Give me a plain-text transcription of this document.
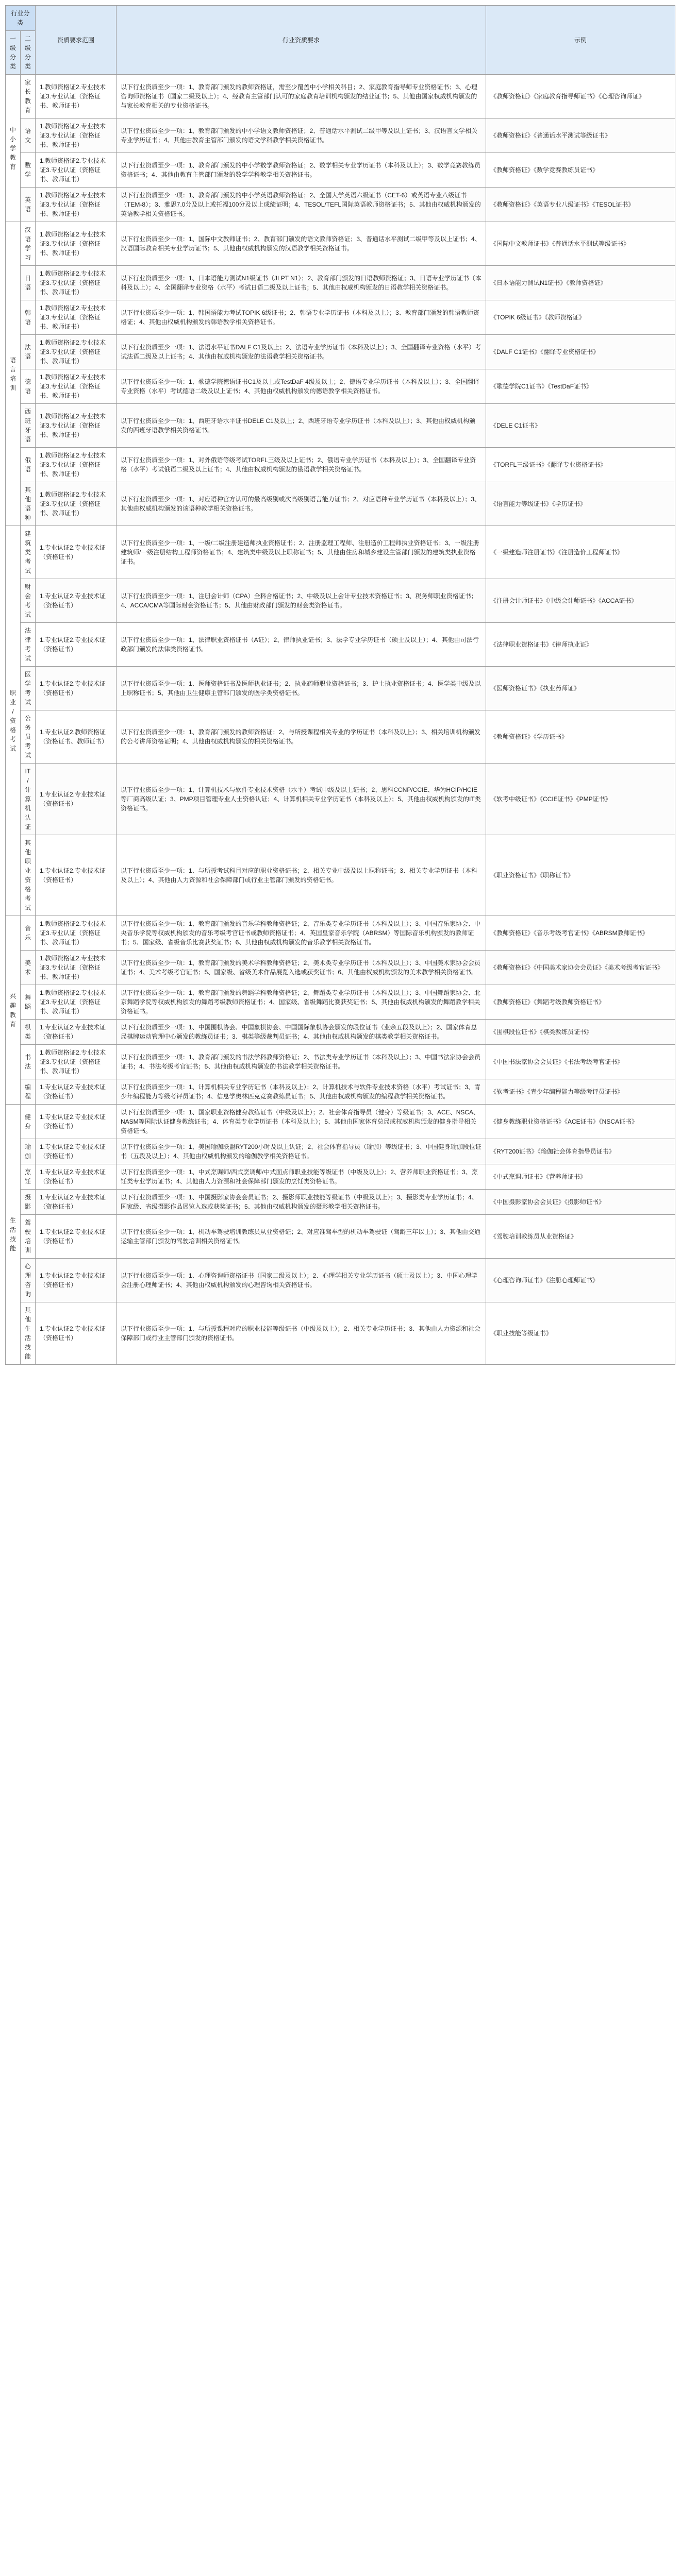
行业分类		资质要求范围	行业资质要求	示例
一级分类	二级分类			
中小学教育	家长教育	1.教师资格证2.专业技术证3.专业认证（资格证书、教师证书）	以下行业资质至少一项：1、教育部门颁发的教师资格证，需至少覆盖中小学相关科目；2、家庭教育指导师专业资格证书；3、心理咨询师资格证书（国家二级及以上）；4、经教育主管部门认可的家庭教育培训机构颁发的结业证书；5、其他由国家权威机构颁发的与家长教育相关的专业资格证书。	《教师资格证》《家庭教育指导师证书》《心理咨询师证》
	语文	1.教师资格证2.专业技术证3.专业认证（资格证书、教师证书）	以下行业资质至少一项：1、教育部门颁发的中小学语文教师资格证；2、普通话水平测试二级甲等及以上证书；3、汉语言文学相关专业学历证书；4、其他由教育主管部门颁发的语文学科教学相关资格证书。	《教师资格证》《普通话水平测试等级证书》
	数学	1.教师资格证2.专业技术证3.专业认证（资格证书、教师证书）	以下行业资质至少一项：1、教育部门颁发的中小学数学教师资格证；2、数学相关专业学历证书（本科及以上）；3、数学竞赛教练员资格证书；4、其他由教育主管部门颁发的数学学科教学相关资格证书。	《教师资格证》《数学竞赛教练员证书》
	英语	1.教师资格证2.专业技术证3.专业认证（资格证书、教师证书）	以下行业资质至少一项：1、教育部门颁发的中小学英语教师资格证；2、全国大学英语六级证书（CET-6）或英语专业八级证书（TEM-8）；3、雅思7.0分及以上或托福100分及以上成绩证明；4、TESOL/TEFL国际英语教师资格证书；5、其他由权威机构颁发的英语教学相关资格证书。	《教师资格证》《英语专业八级证书》《TESOL证书》
语言培训	汉语学习	1.教师资格证2.专业技术证3.专业认证（资格证书、教师证书）	以下行业资质至少一项：1、国际中文教师证书；2、教育部门颁发的语文教师资格证；3、普通话水平测试二级甲等及以上证书；4、汉语国际教育相关专业学历证书；5、其他由权威机构颁发的汉语教学相关资格证书。	《国际中文教师证书》《普通话水平测试等级证书》
	日语	1.教师资格证2.专业技术证3.专业认证（资格证书、教师证书）	以下行业资质至少一项：1、日本语能力测试N1级证书（JLPT N1）；2、教育部门颁发的日语教师资格证；3、日语专业学历证书（本科及以上）；4、全国翻译专业资格（水平）考试日语二级及以上证书；5、其他由权威机构颁发的日语教学相关资格证书。	《日本语能力测试N1证书》《教师资格证》
	韩语	1.教师资格证2.专业技术证3.专业认证（资格证书、教师证书）	以下行业资质至少一项：1、韩国语能力考试TOPIK 6级证书；2、韩语专业学历证书（本科及以上）；3、教育部门颁发的韩语教师资格证；4、其他由权威机构颁发的韩语教学相关资格证书。	《TOPIK 6级证书》《教师资格证》
	法语	1.教师资格证2.专业技术证3.专业认证（资格证书、教师证书）	以下行业资质至少一项：1、法语水平证书DALF C1及以上；2、法语专业学历证书（本科及以上）；3、全国翻译专业资格（水平）考试法语二级及以上证书；4、其他由权威机构颁发的法语教学相关资格证书。	《DALF C1证书》《翻译专业资格证书》
	德语	1.教师资格证2.专业技术证3.专业认证（资格证书、教师证书）	以下行业资质至少一项：1、歌德学院德语证书C1及以上或TestDaF 4级及以上；2、德语专业学历证书（本科及以上）；3、全国翻译专业资格（水平）考试德语二级及以上证书；4、其他由权威机构颁发的德语教学相关资格证书。	《歌德学院C1证书》《TestDaF证书》
	西班牙语	1.教师资格证2.专业技术证3.专业认证（资格证书、教师证书）	以下行业资质至少一项：1、西班牙语水平证书DELE C1及以上；2、西班牙语专业学历证书（本科及以上）；3、其他由权威机构颁发的西班牙语教学相关资格证书。	《DELE C1证书》
	俄语	1.教师资格证2.专业技术证3.专业认证（资格证书、教师证书）	以下行业资质至少一项：1、对外俄语等级考试TORFL三级及以上证书；2、俄语专业学历证书（本科及以上）；3、全国翻译专业资格（水平）考试俄语二级及以上证书；4、其他由权威机构颁发的俄语教学相关资格证书。	《TORFL三级证书》《翻译专业资格证书》
	其他语种	1.教师资格证2.专业技术证3.专业认证（资格证书、教师证书）	以下行业资质至少一项：1、对应语种官方认可的最高级别或次高级别语言能力证书；2、对应语种专业学历证书（本科及以上）；3、其他由权威机构颁发的该语种教学相关资格证书。	《语言能力等级证书》《学历证书》
职业/资格考试	建筑类考试	1.专业认证2.专业技术证（资格证书）	以下行业资质至少一项：1、一级/二级注册建造师执业资格证书；2、注册监理工程师、注册造价工程师执业资格证书；3、一级注册建筑师/一级注册结构工程师资格证书；4、建筑类中级及以上职称证书；5、其他由住房和城乡建设主管部门颁发的建筑类执业资格证书。	《一级建造师注册证书》《注册造价工程师证书》
	财会考试	1.专业认证2.专业技术证（资格证书）	以下行业资质至少一项：1、注册会计师（CPA）全科合格证书；2、中级及以上会计专业技术资格证书；3、税务师职业资格证书；4、ACCA/CMA等国际财会资格证书；5、其他由财政部门颁发的财会类资格证书。	《注册会计师证书》《中级会计师证书》《ACCA证书》
	法律考试	1.专业认证2.专业技术证（资格证书）	以下行业资质至少一项：1、法律职业资格证书（A证）；2、律师执业证书；3、法学专业学历证书（硕士及以上）；4、其他由司法行政部门颁发的法律类资格证书。	《法律职业资格证书》《律师执业证》
	医学考试	1.专业认证2.专业技术证（资格证书）	以下行业资质至少一项：1、医师资格证书及医师执业证书；2、执业药师职业资格证书；3、护士执业资格证书；4、医学类中级及以上职称证书；5、其他由卫生健康主管部门颁发的医学类资格证书。	《医师资格证书》《执业药师证》
	公务员考试	1.专业认证2.教师资格证（资格证书、教师证书）	以下行业资质至少一项：1、教育部门颁发的教师资格证；2、与所授课程相关专业的学历证书（本科及以上）；3、相关培训机构颁发的公考讲师资格证明；4、其他由权威机构颁发的相关资格证书。	《教师资格证》《学历证书》
	IT/计算机认证	1.专业认证2.专业技术证（资格证书）	以下行业资质至少一项：1、计算机技术与软件专业技术资格（水平）考试中级及以上证书；2、思科CCNP/CCIE、华为HCIP/HCIE等厂商高级认证；3、PMP项目管理专业人士资格认证；4、计算机相关专业学历证书（本科及以上）；5、其他由权威机构颁发的IT类资格证书。	《软考中级证书》《CCIE证书》《PMP证书》
	其他职业资格考试	1.专业认证2.专业技术证（资格证书）	以下行业资质至少一项：1、与所授考试科目对应的职业资格证书；2、相关专业中级及以上职称证书；3、相关专业学历证书（本科及以上）；4、其他由人力资源和社会保障部门或行业主管部门颁发的资格证书。	《职业资格证书》《职称证书》
兴趣教育	音乐	1.教师资格证2.专业技术证3.专业认证（资格证书、教师证书）	以下行业资质至少一项：1、教育部门颁发的音乐学科教师资格证；2、音乐类专业学历证书（本科及以上）；3、中国音乐家协会、中央音乐学院等权威机构颁发的音乐考级考官证书或教师资格证书；4、英国皇家音乐学院（ABRSM）等国际音乐机构颁发的教师证书；5、国家级、省级音乐比赛获奖证书；6、其他由权威机构颁发的音乐教学相关资格证书。	《教师资格证》《音乐考级考官证书》《ABRSM教师证书》
	美术	1.教师资格证2.专业技术证3.专业认证（资格证书、教师证书）	以下行业资质至少一项：1、教育部门颁发的美术学科教师资格证；2、美术类专业学历证书（本科及以上）；3、中国美术家协会会员证书；4、美术考级考官证书；5、国家级、省级美术作品展览入选或获奖证书；6、其他由权威机构颁发的美术教学相关资格证书。	《教师资格证》《中国美术家协会会员证》《美术考级考官证书》
	舞蹈	1.教师资格证2.专业技术证3.专业认证（资格证书、教师证书）	以下行业资质至少一项：1、教育部门颁发的舞蹈学科教师资格证；2、舞蹈类专业学历证书（本科及以上）；3、中国舞蹈家协会、北京舞蹈学院等权威机构颁发的舞蹈考级教师资格证书；4、国家级、省级舞蹈比赛获奖证书；5、其他由权威机构颁发的舞蹈教学相关资格证书。	《教师资格证》《舞蹈考级教师资格证书》
	棋类	1.专业认证2.专业技术证（资格证书）	以下行业资质至少一项：1、中国围棋协会、中国象棋协会、中国国际象棋协会颁发的段位证书（业余五段及以上）；2、国家体育总局棋牌运动管理中心颁发的教练员证书；3、棋类等级裁判员证书；4、其他由权威机构颁发的棋类教学相关资格证书。	《围棋段位证书》《棋类教练员证书》
	书法	1.教师资格证2.专业技术证3.专业认证（资格证书、教师证书）	以下行业资质至少一项：1、教育部门颁发的书法学科教师资格证；2、书法类专业学历证书（本科及以上）；3、中国书法家协会会员证书；4、书法考级考官证书；5、其他由权威机构颁发的书法教学相关资格证书。	《中国书法家协会会员证》《书法考级考官证书》
	编程	1.专业认证2.专业技术证（资格证书）	以下行业资质至少一项：1、计算机相关专业学历证书（本科及以上）；2、计算机技术与软件专业技术资格（水平）考试证书；3、青少年编程能力等级考评员证书；4、信息学奥林匹克竞赛教练员证书；5、其他由权威机构颁发的编程教学相关资格证书。	《软考证书》《青少年编程能力等级考评员证书》
生活技能	健身	1.专业认证2.专业技术证（资格证书）	以下行业资质至少一项：1、国家职业资格健身教练证书（中级及以上）；2、社会体育指导员（健身）等级证书；3、ACE、NSCA、NASM等国际认证健身教练证书；4、体育类专业学历证书（本科及以上）；5、其他由国家体育总局或权威机构颁发的健身指导相关资格证书。	《健身教练职业资格证书》《ACE证书》《NSCA证书》
	瑜伽	1.专业认证2.专业技术证（资格证书）	以下行业资质至少一项：1、美国瑜伽联盟RYT200小时及以上认证；2、社会体育指导员（瑜伽）等级证书；3、中国健身瑜伽段位证书（五段及以上）；4、其他由权威机构颁发的瑜伽教学相关资格证书。	《RYT200证书》《瑜伽社会体育指导员证书》
	烹饪	1.专业认证2.专业技术证（资格证书）	以下行业资质至少一项：1、中式烹调师/西式烹调师/中式面点师职业技能等级证书（中级及以上）；2、营养师职业资格证书；3、烹饪类专业学历证书；4、其他由人力资源和社会保障部门颁发的烹饪类资格证书。	《中式烹调师证书》《营养师证书》
	摄影	1.专业认证2.专业技术证（资格证书）	以下行业资质至少一项：1、中国摄影家协会会员证书；2、摄影师职业技能等级证书（中级及以上）；3、摄影类专业学历证书；4、国家级、省级摄影作品展览入选或获奖证书；5、其他由权威机构颁发的摄影教学相关资格证书。	《中国摄影家协会会员证》《摄影师证书》
	驾驶培训	1.专业认证2.专业技术证（资格证书）	以下行业资质至少一项：1、机动车驾驶培训教练员从业资格证；2、对应准驾车型的机动车驾驶证（驾龄三年以上）；3、其他由交通运输主管部门颁发的驾驶培训相关资格证书。	《驾驶培训教练员从业资格证》
	心理咨询	1.专业认证2.专业技术证（资格证书）	以下行业资质至少一项：1、心理咨询师资格证书（国家二级及以上）；2、心理学相关专业学历证书（硕士及以上）；3、中国心理学会注册心理师证书；4、其他由权威机构颁发的心理咨询相关资格证书。	《心理咨询师证书》《注册心理师证书》
	其他生活技能	1.专业认证2.专业技术证（资格证书）	以下行业资质至少一项：1、与所授课程对应的职业技能等级证书（中级及以上）；2、相关专业学历证书；3、其他由人力资源和社会保障部门或行业主管部门颁发的资格证书。	《职业技能等级证书》
